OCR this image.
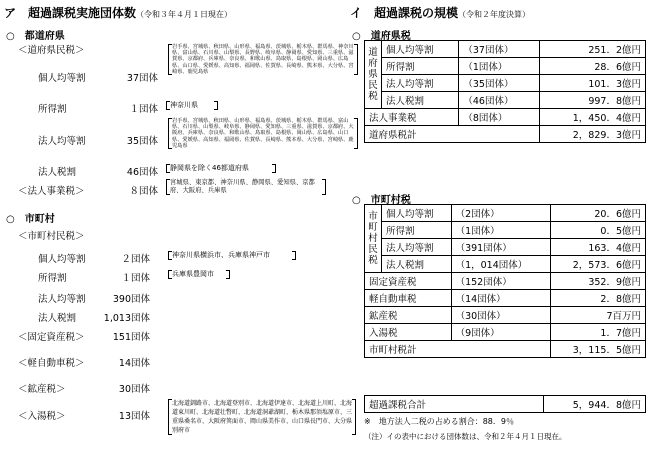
ア　超過課税実施団体数（令和３年４月１日現在）
○　都道府県
＜道府県民税＞
個人均等割	37団体
岩手県、宮城県、秋田県、山形県、福島県、茨城県、栃木県、群馬県、神奈川県、富山県、石川県、山梨県、長野県、岐阜県、静岡県、愛知県、三重県、滋賀県、京都府、兵庫県、奈良県、和歌山県、鳥取県、島根県、岡山県、広島県、山口県、愛媛県、高知県、福岡県、佐賀県、長崎県、熊本県、大分県、宮崎県、鹿児島県
所得割	１団体 神奈川県
法人均等割	35団体
岩手県、宮城県、秋田県、山形県、福島県、茨城県、栃木県、群馬県、富山県、石川県、山梨県、岐阜県、静岡県、愛知県、三重県、滋賀県、京都府、大阪府、兵庫県、奈良県、和歌山県、鳥取県、島根県、岡山県、広島県、山口県、愛媛県、高知県、福岡県、佐賀県、長崎県、熊本県、大分県、宮崎県、鹿児島県
法人税割	46団体 静岡県を除く46都道府県
＜法人事業税＞	８団体
宮城県、東京都、神奈川県、静岡県、愛知県、京都府、大阪府、兵庫県
○　市町村
＜市町村民税＞
個人均等割	２団体	神奈川県横浜市、兵庫県神戸市
所得割	１団体	兵庫県豊岡市
法人均等割	390団体
法人税割	1,013団体
＜固定資産税＞	151団体
＜軽自動車税＞	14団体
＜鉱産税＞	30団体
＜入湯税＞	13団体
北海道釧路市、北海道登別市、北海道伊達市、北海道上川町、北海道東川町、北海道壮瞥町、北海道洞爺湖町、栃木県那須塩原市、三重県桑名市、大阪府箕面市、岡山県美作市、山口県長門市、大分県別府市
イ　超過課税の規模（令和２年度決算）
○　道府県税
道府県民税	個人均等割	（37団体）	251．2億円
	所得割	（1団体）	28．6億円
	法人均等割	（35団体）	101．3億円
	法人税割	（46団体）	997．8億円
法人事業税		（8団体）	1，450．4億円
道府県税計			2，829．3億円
○　市町村税
市町村民税	個人均等割	（2団体）	20．6億円
	所得割	（1団体）	0．5億円
	法人均等割	（391団体）	163．4億円
	法人税割	（1，014団体）	2，573．6億円
固定資産税		（152団体）	352．9億円
軽自動車税		（14団体）	2．8億円
鉱産税		（30団体）	7百万円
入湯税		（9団体）	1．7億円
市町村税計			3，115．5億円
超過課税合計	5，944．8億円
※　地方法人二税の占める割合：88．9％
（注）イの表中における団体数は、令和２年４月１日現在。
